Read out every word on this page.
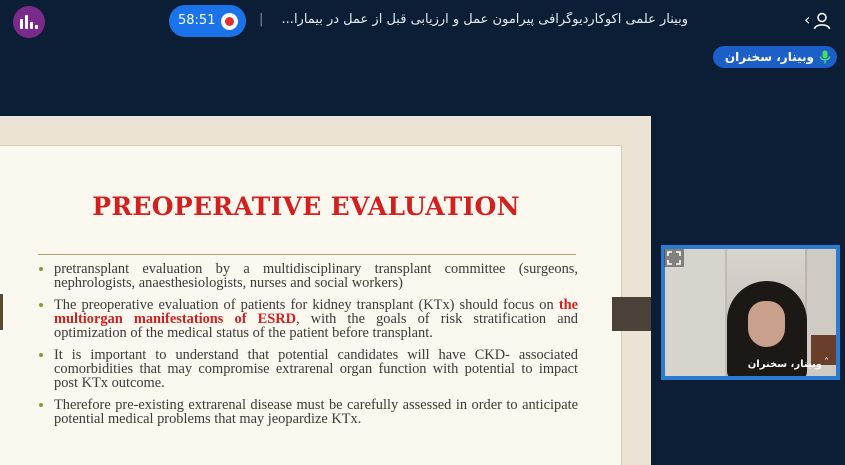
58:51	| وبینار علمی اکوکاردیوگرافی پیرامون عمل و ارزیابی قبل از عمل در بیمارا...	‹
وبینار، سخنران
PREOPERATIVE EVALUATION
pretransplant evaluation by a multidisciplinary transplant committee (surgeons, nephrologists, anaesthesiologists, nurses and social workers)
The preoperative evaluation of patients for kidney transplant (KTx) should focus on the multiorgan manifestations of ESRD, with the goals of risk stratification and optimization of the medical status of the patient before transplant.
It is important to understand that potential candidates will have CKD- associated comorbidities that may compromise extrarenal organ function with potential to impact post KTx outcome.
Therefore pre-existing extrarenal disease must be carefully assessed in order to anticipate potential medical problems that may jeopardize KTx.
وبینار، سخنران ˄
